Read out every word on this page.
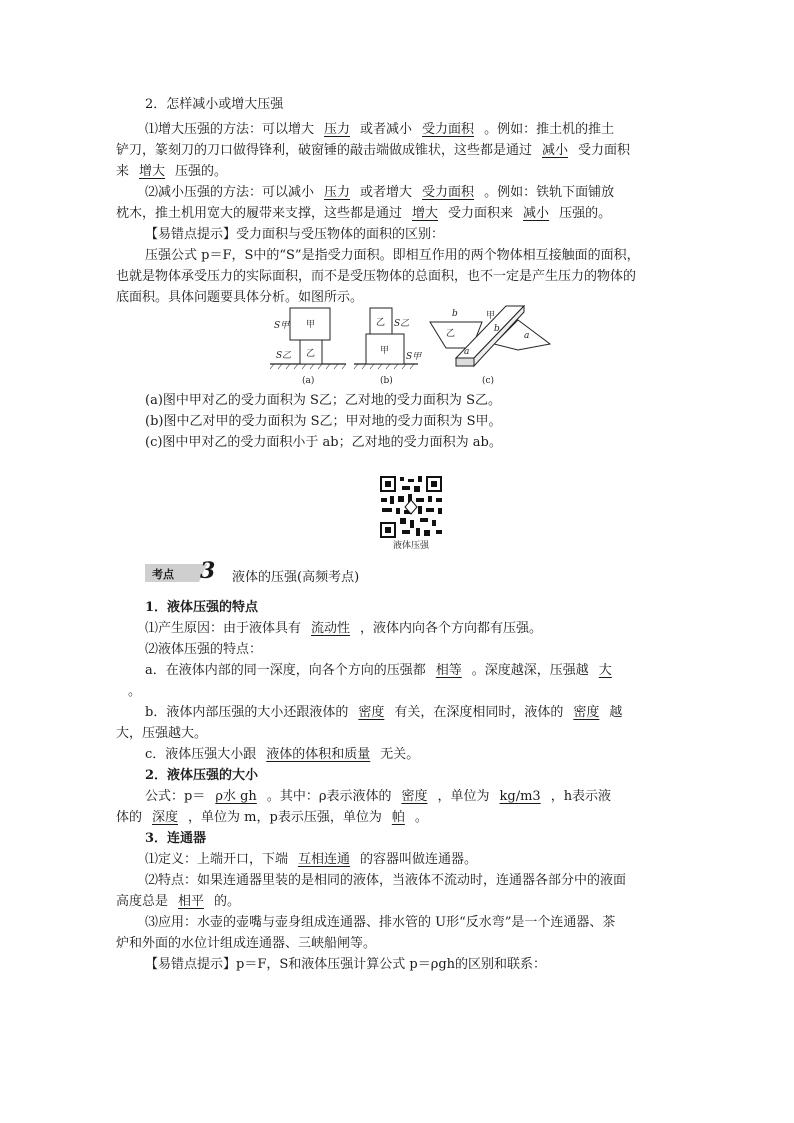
2．怎样减小或增大压强
⑴增大压强的方法：可以增大 压力 或者减小 受力面积 。例如：推土机的推土
铲刀，篆刻刀的刀口做得锋利，破窗锤的敲击端做成锥状，这些都是通过 减小 受力面积
来 增大 压强的。
⑵减小压强的方法：可以减小 压力 或者增大 受力面积 。例如：铁轨下面铺放
枕木，推土机用宽大的履带来支撑，这些都是通过 增大 受力面积来 减小 压强的。
【易错点提示】受力面积与受压物体的面积的区别：
压强公式 p＝F，S中的“S”是指受力面积。即相互作用的两个物体相互接触面的面积，
也就是物体承受压力的实际面积，而不是受压物体的总面积，也不一定是产生压力的物体的
底面积。具体问题要具体分析。如图所示。
甲
乙
S甲
S乙
(a)
乙
甲
S乙
S甲
(b)
乙
甲
b
b
a
a
(c)
(a)图中甲对乙的受力面积为 S乙；乙对地的受力面积为 S乙。
(b)图中乙对甲的受力面积为 S乙；甲对地的受力面积为 S甲。
(c)图中甲对乙的受力面积小于 ab；乙对地的受力面积为 ab。
液体压强
考点 3 液体的压强(高频考点)
1．液体压强的特点
⑴产生原因：由于液体具有 流动性 ，液体内向各个方向都有压强。
⑵液体压强的特点：
a．在液体内部的同一深度，向各个方向的压强都 相等 。深度越深，压强越 大
。
b．液体内部压强的大小还跟液体的 密度 有关，在深度相同时，液体的 密度 越
大，压强越大。
c．液体压强大小跟 液体的体积和质量 无关。
2．液体压强的大小
公式：p＝ ρ水 gh 。其中：ρ表示液体的 密度 ，单位为 kg/m3 ，h表示液
体的 深度 ，单位为 m，p表示压强，单位为 帕 。
3．连通器
⑴定义：上端开口，下端 互相连通 的容器叫做连通器。
⑵特点：如果连通器里装的是相同的液体，当液体不流动时，连通器各部分中的液面
高度总是 相平 的。
⑶应用：水壶的壶嘴与壶身组成连通器、排水管的 U形“反水弯”是一个连通器、茶
炉和外面的水位计组成连通器、三峡船闸等。
【易错点提示】p＝F，S和液体压强计算公式 p＝ρgh的区别和联系：
